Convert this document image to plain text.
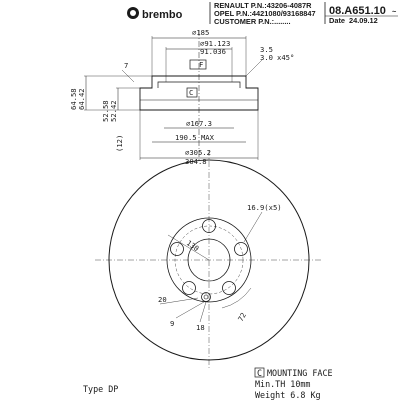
brembo
RENAULT P.N.:43206-4087R
OPEL P.N.:4421080/93168847
CUSTOMER P.N.:........
08.A651.10 ~
Date 24.09.12
⌀185
⌀91.123
91.036	3.5
3.0 x45°
7	F
C
64.58 64.42
52.58 52.42
⌀167.3
190.5 MAX
(12)
⌀305.2
304.8
16.9(x5)
130
20
9	18
72
Type DP
C MOUNTING FACE
Min.TH 10mm
Weight 6.8 Kg
